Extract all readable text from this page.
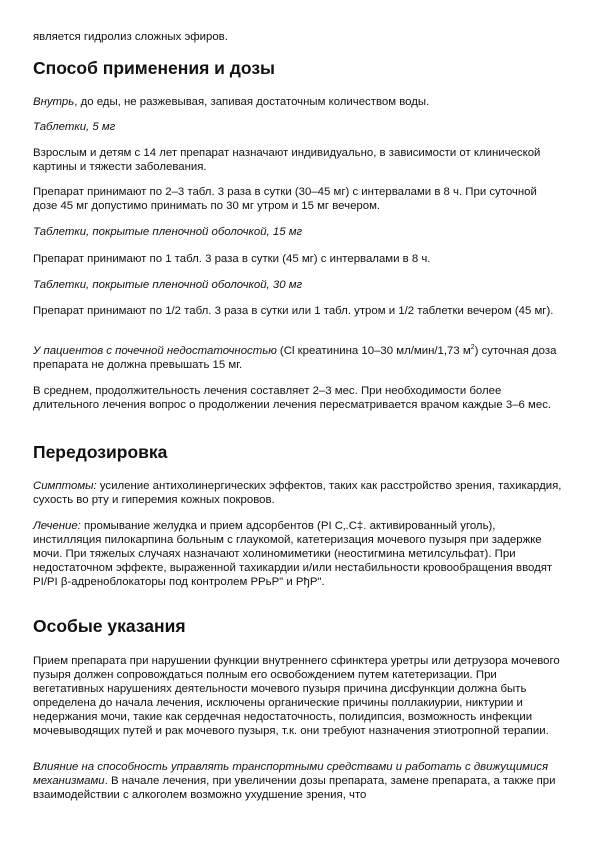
является гидролиз сложных эфиров.

Способ применения и дозы

Внутрь, до еды, не разжевывая, запивая достаточным количеством воды.

Таблетки, 5 мг

Взрослым и детям с 14 лет препарат назначают индивидуально, в зависимости от клинической картины и тяжести заболевания.

Препарат принимают по 2–3 табл. 3 раза в сутки (30–45 мг) с интервалами в 8 ч. При суточной дозе 45 мг допустимо принимать по 30 мг утром и 15 мг вечером.

Таблетки, покрытые пленочной оболочкой, 15 мг

Препарат принимают по 1 табл. 3 раза в сутки (45 мг) с интервалами в 8 ч.

Таблетки, покрытые пленочной оболочкой, 30 мг

Препарат принимают по 1/2 табл. 3 раза в сутки или 1 табл. утром и 1/2 таблетки вечером (45 мг).

У пациентов с почечной недостаточностью (Cl креатинина 10–30 мл/мин/1,73 $м^2$) суточная доза препарата не должна превышать 15 мг.

В среднем, продолжительность лечения составляет 2–3 мес. При необходимости более длительного лечения вопрос о продолжении лечения пересматривается врачом каждые 3–6 мес.

Передозировка

Симптомы: усиление антихолинергических эффектов, таких как расстройство зрения, тахикардия, сухость во рту и гиперемия кожных покровов.

Лечение: промывание желудка и прием адсорбентов (РІ С‚.С‡. активированный уголь), инстилляция пилокарпина больным с глаукомой, катетеризация мочевого пузыря при задержке мочи. При тяжелых случаях назначают холиномиметики (неостигмина метилсульфат). При недостаточном эффекте, выраженной тахикардии и/или нестабильности кровообращения вводят РІ/РІ β-адреноблокаторы под контролем РРьР" и РђР".

Особые указания

Прием препарата при нарушении функции внутреннего сфинктера уретры или детрузора мочевого пузыря должен сопровождаться полным его освобождением путем катетеризации. При вегетативных нарушениях деятельности мочевого пузыря причина дисфункции должна быть определена до начала лечения, исключены органические причины поллакиурии, никтурии и недержания мочи, такие как сердечная недостаточность, полидипсия, возможность инфекции мочевыводящих путей и рак мочевого пузыря, т.к. они требуют назначения этиотропной терапии.

Влияние на способность управлять транспортными средствами и работать с движущимися механизмами. В начале лечения, при увеличении дозы препарата, замене препарата, а также при взаимодействии с алкоголем возможно ухудшение зрения, что
